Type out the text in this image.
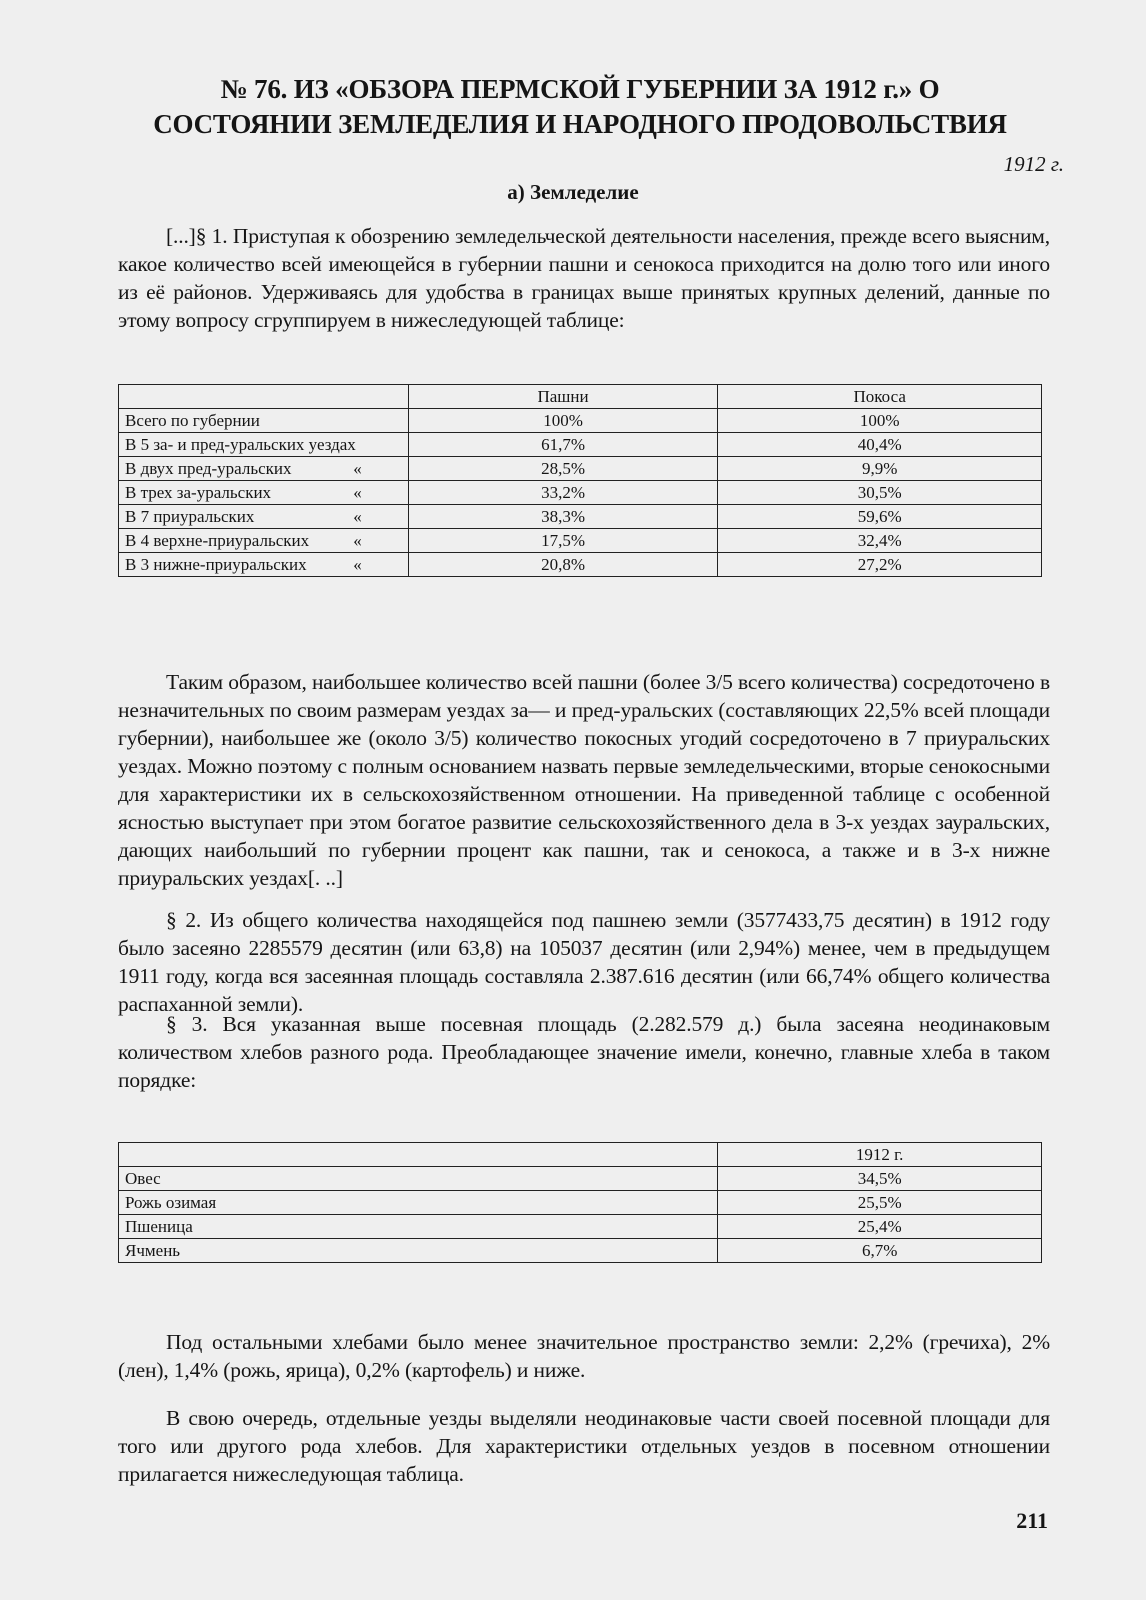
№ 76. ИЗ «ОБЗОРА ПЕРМСКОЙ ГУБЕРНИИ ЗА 1912 г.» О
СОСТОЯНИИ ЗЕМЛЕДЕЛИЯ И НАРОДНОГО ПРОДОВОЛЬСТВИЯ
1912 г.
а) Земледелие

[...]§ 1. Приступая к обозрению земледельческой деятельности населения, прежде всего выясним, какое количество всей имеющейся в губернии пашни и сенокоса приходится на долю того или иного из её районов. Удерживаясь для удобства в границах выше принятых крупных делений, данные по этому вопросу сгруппируем в нижеследующей таблице:

	Пашни	Покоса
Всего по губернии	100%	100%
В 5 за- и пред-уральских уездах	61,7%	40,4%
В двух пред-уральских «	28,5%	9,9%
В трех за-уральских «	33,2%	30,5%
В 7 приуральских «	38,3%	59,6%
В 4 верхне-приуральских «	17,5%	32,4%
В 3 нижне-приуральских «	20,8%	27,2%

Таким образом, наибольшее количество всей пашни (более 3/5 всего количества) сосредоточено в незначительных по своим размерам уездах за— и пред-уральских (составляющих 22,5% всей площади губернии), наибольшее же (около 3/5) количество покосных угодий сосредоточено в 7 приуральских уездах. Можно поэтому с полным основанием назвать первые земледельческими, вторые сенокосными для характеристики их в сельскохозяйственном отношении. На приведенной таблице с особенной ясностью выступает при этом богатое развитие сельскохозяйственного дела в 3-х уездах зауральских, дающих наибольший по губернии процент как пашни, так и сенокоса, а также и в 3-х нижне приуральских уездах[. ..]

§ 2. Из общего количества находящейся под пашнею земли (3577433,75 десятин) в 1912 году было засеяно 2285579 десятин (или 63,8) на 105037 десятин (или 2,94%) менее, чем в предыдущем 1911 году, когда вся засеянная площадь составляла 2.387.616 десятин (или 66,74% общего количества распаханной земли).

§ 3. Вся указанная выше посевная площадь (2.282.579 д.) была засеяна неодинаковым количеством хлебов разного рода. Преобладающее значение имели, конечно, главные хлеба в таком порядке:

	1912 г.
Овес	34,5%
Рожь озимая	25,5%
Пшеница	25,4%
Ячмень	6,7%

Под остальными хлебами было менее значительное пространство земли: 2,2% (гречиха), 2% (лен), 1,4% (рожь, ярица), 0,2% (картофель) и ниже.

В свою очередь, отдельные уезды выделяли неодинаковые части своей посевной площади для того или другого рода хлебов. Для характеристики отдельных уездов в посевном отношении прилагается нижеследующая таблица.

211
